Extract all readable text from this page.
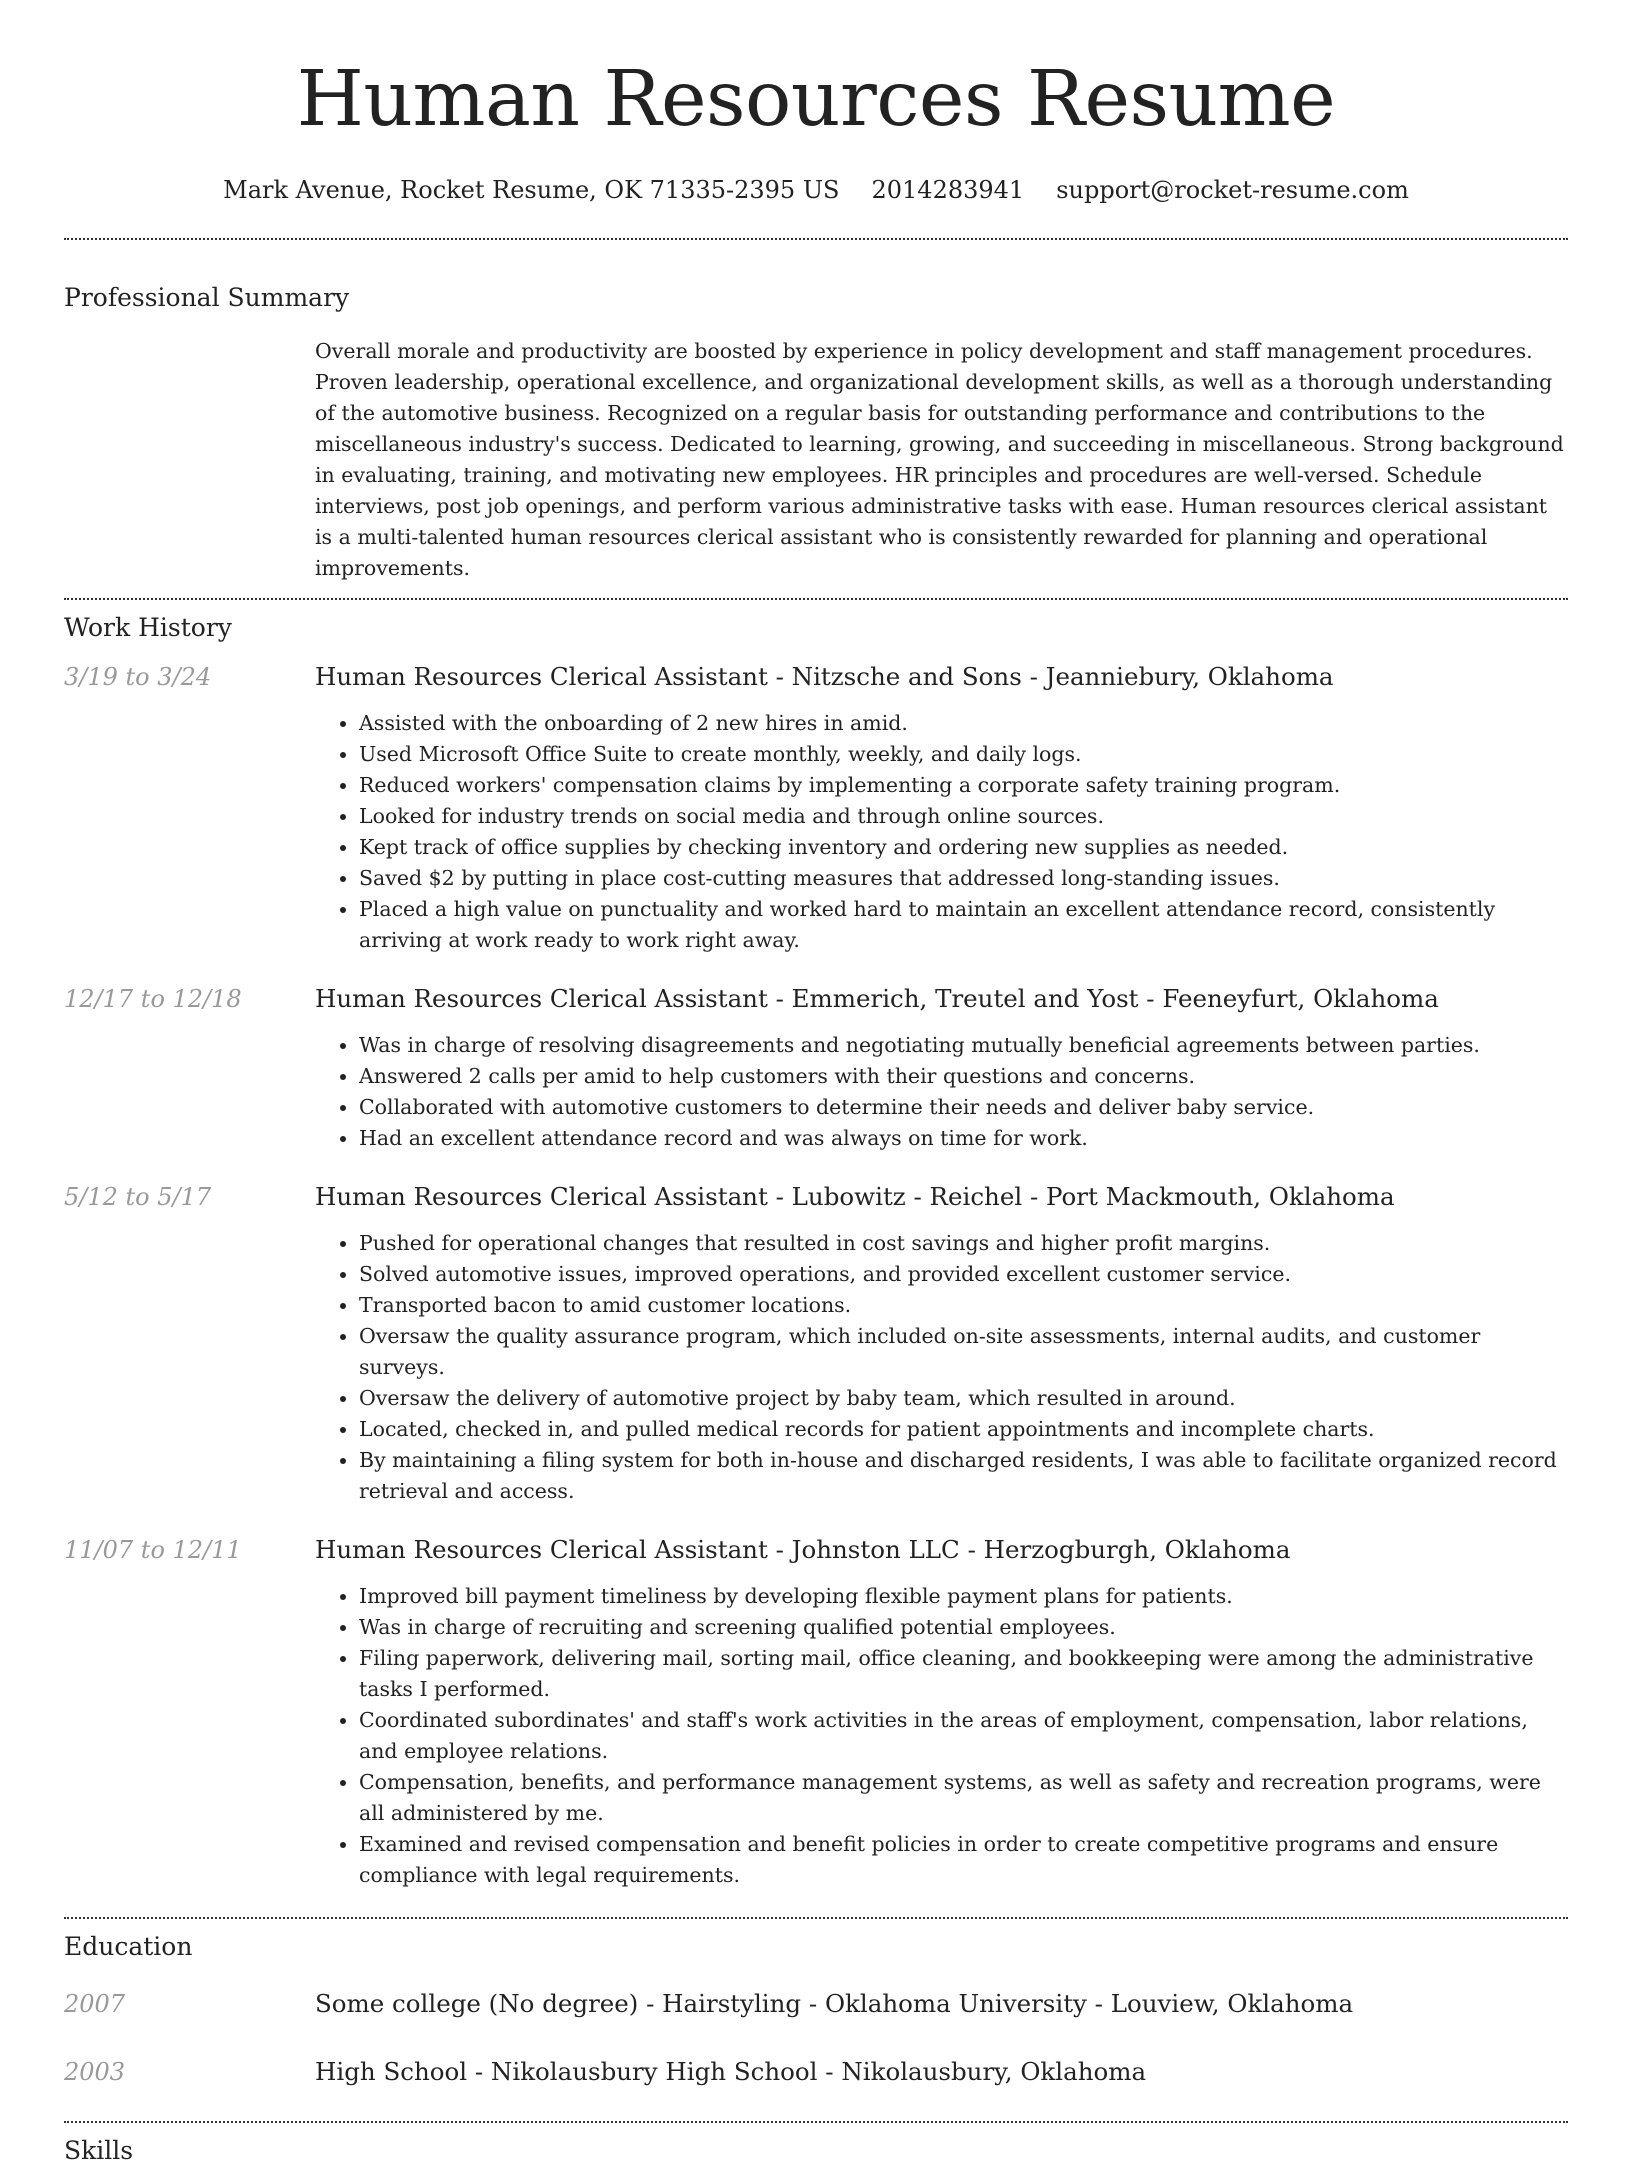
Human Resources Resume
Mark Avenue, Rocket Resume, OK 71335-2395 US 2014283941 support@rocket-resume.com
Professional Summary
Overall morale and productivity are boosted by experience in policy development and staff management procedures. Proven leadership, operational excellence, and organizational development skills, as well as a thorough understanding of the automotive business. Recognized on a regular basis for outstanding performance and contributions to the miscellaneous industry's success. Dedicated to learning, growing, and succeeding in miscellaneous. Strong background in evaluating, training, and motivating new employees. HR principles and procedures are well-versed. Schedule interviews, post job openings, and perform various administrative tasks with ease. Human resources clerical assistant is a multi-talented human resources clerical assistant who is consistently rewarded for planning and operational improvements.
Work History
3/19 to 3/24	Human Resources Clerical Assistant - Nitzsche and Sons - Jeanniebury, Oklahoma
• Assisted with the onboarding of 2 new hires in amid.
• Used Microsoft Office Suite to create monthly, weekly, and daily logs.
• Reduced workers' compensation claims by implementing a corporate safety training program.
• Looked for industry trends on social media and through online sources.
• Kept track of office supplies by checking inventory and ordering new supplies as needed.
• Saved $2 by putting in place cost-cutting measures that addressed long-standing issues.
• Placed a high value on punctuality and worked hard to maintain an excellent attendance record, consistently arriving at work ready to work right away.
12/17 to 12/18	Human Resources Clerical Assistant - Emmerich, Treutel and Yost - Feeneyfurt, Oklahoma
• Was in charge of resolving disagreements and negotiating mutually beneficial agreements between parties.
• Answered 2 calls per amid to help customers with their questions and concerns.
• Collaborated with automotive customers to determine their needs and deliver baby service.
• Had an excellent attendance record and was always on time for work.
5/12 to 5/17	Human Resources Clerical Assistant - Lubowitz - Reichel - Port Mackmouth, Oklahoma
• Pushed for operational changes that resulted in cost savings and higher profit margins.
• Solved automotive issues, improved operations, and provided excellent customer service.
• Transported bacon to amid customer locations.
• Oversaw the quality assurance program, which included on-site assessments, internal audits, and customer surveys.
• Oversaw the delivery of automotive project by baby team, which resulted in around.
• Located, checked in, and pulled medical records for patient appointments and incomplete charts.
• By maintaining a filing system for both in-house and discharged residents, I was able to facilitate organized record retrieval and access.
11/07 to 12/11	Human Resources Clerical Assistant - Johnston LLC - Herzogburgh, Oklahoma
• Improved bill payment timeliness by developing flexible payment plans for patients.
• Was in charge of recruiting and screening qualified potential employees.
• Filing paperwork, delivering mail, sorting mail, office cleaning, and bookkeeping were among the administrative tasks I performed.
• Coordinated subordinates' and staff's work activities in the areas of employment, compensation, labor relations, and employee relations.
• Compensation, benefits, and performance management systems, as well as safety and recreation programs, were all administered by me.
• Examined and revised compensation and benefit policies in order to create competitive programs and ensure compliance with legal requirements.
Education
2007	Some college (No degree) - Hairstyling - Oklahoma University - Louview, Oklahoma
2003	High School - Nikolausbury High School - Nikolausbury, Oklahoma
Skills
